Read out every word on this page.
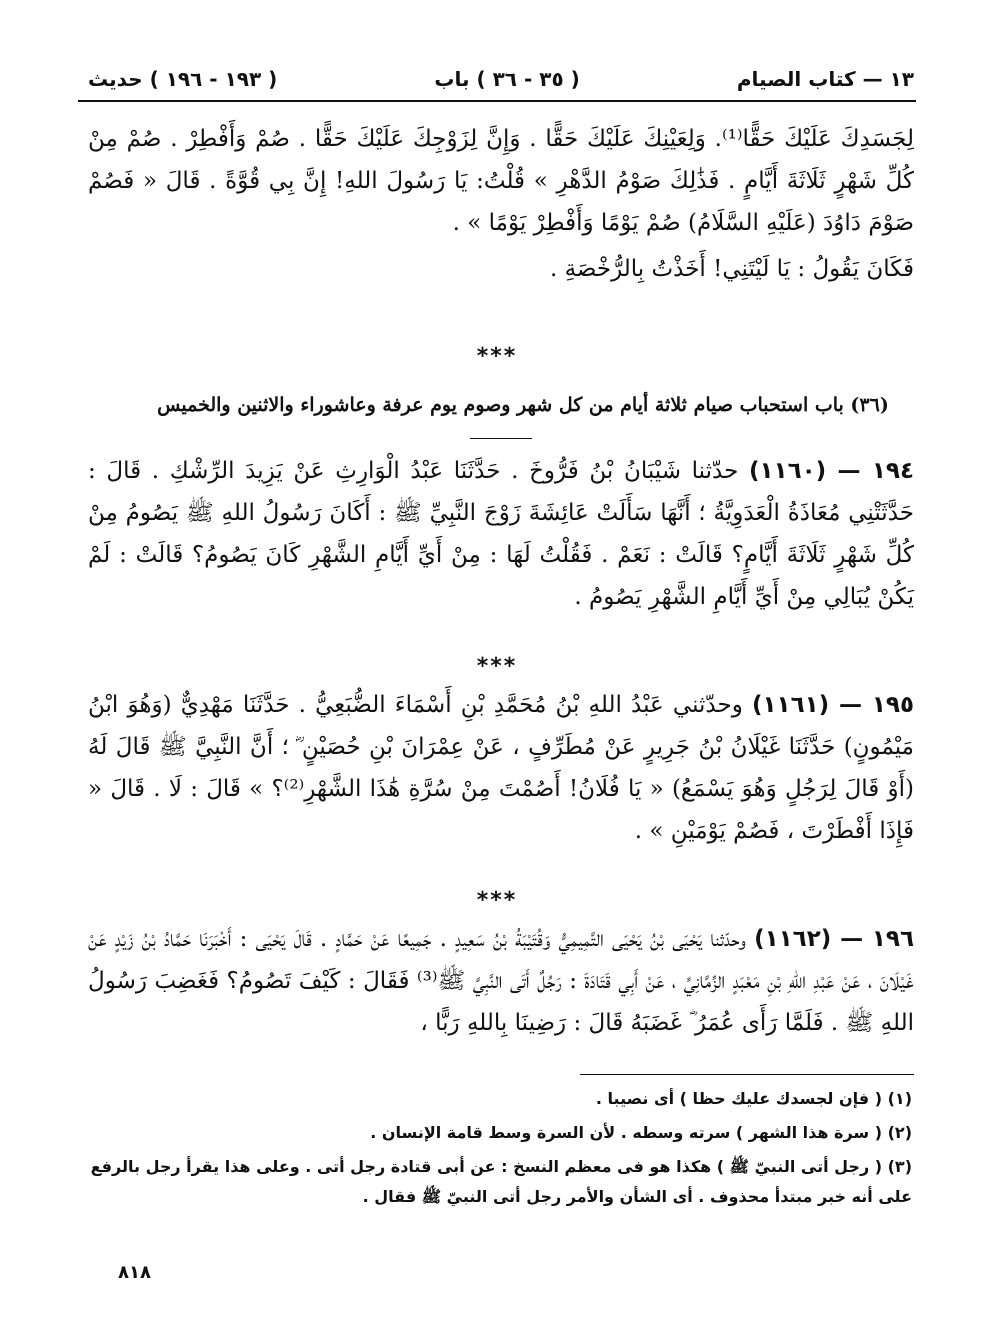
١٣ — كتاب الصيام
( ٣٥ - ٣٦ ) باب
( ١٩٣ - ١٩٦ ) حديث

لِجَسَدِكَ عَلَيْكَ حَقًّا⁽¹⁾. وَلِعَيْنِكَ عَلَيْكَ حَقًّا . وَإِنَّ لِزَوْجِكَ عَلَيْكَ حَقًّا . صُمْ وَأَفْطِرْ . صُمْ مِنْ كُلِّ شَهْرٍ ثَلَاثَةَ أَيَّامٍ . فَذَٰلِكَ صَوْمُ الدَّهْرِ » قُلْتُ: يَا رَسُولَ اللهِ! إِنَّ بِي قُوَّةً . قَالَ « فَصُمْ صَوْمَ دَاوُدَ (عَلَيْهِ السَّلَامُ) صُمْ يَوْمًا وَأَفْطِرْ يَوْمًا » .

فَكَانَ يَقُولُ : يَا لَيْتَنِي! أَخَذْتُ بِالرُّخْصَةِ .

***
(٣٦) باب استحباب صيام ثلاثة أيام من كل شهر وصوم يوم عرفة وعاشوراء والاثنين والخميس

١٩٤ — (١١٦٠) حدّثنا شَيْبَانُ بْنُ فَرُّوخَ . حَدَّثَنَا عَبْدُ الْوَارِثِ عَنْ يَزِيدَ الرِّشْكِ . قَالَ : حَدَّثَتْنِي مُعَاذَةُ الْعَدَوِيَّةُ ؛ أَنَّهَا سَأَلَتْ عَائِشَةَ زَوْجَ النَّبِيِّ ﷺ : أَكَانَ رَسُولُ اللهِ ﷺ يَصُومُ مِنْ كُلِّ شَهْرٍ ثَلَاثَةَ أَيَّامٍ؟ قَالَتْ : نَعَمْ . فَقُلْتُ لَهَا : مِنْ أَيِّ أَيَّامِ الشَّهْرِ كَانَ يَصُومُ؟ قَالَتْ : لَمْ يَكُنْ يُبَالِي مِنْ أَيِّ أَيَّامِ الشَّهْرِ يَصُومُ .

***

١٩٥ — (١١٦١) وحدّثني عَبْدُ اللهِ بْنُ مُحَمَّدِ بْنِ أَسْمَاءَ الضُّبَعِيُّ . حَدَّثَنَا مَهْدِيٌّ (وَهُوَ ابْنُ مَيْمُونٍ) حَدَّثَنَا غَيْلَانُ بْنُ جَرِيرٍ عَنْ مُطَرِّفٍ ، عَنْ عِمْرَانَ بْنِ حُصَيْنٍ ؓ ؛ أَنَّ النَّبِيَّ ﷺ قَالَ لَهُ (أَوْ قَالَ لِرَجُلٍ وَهُوَ يَسْمَعُ) « يَا فُلَانُ! أَصُمْتَ مِنْ سُرَّةِ هَٰذَا الشَّهْرِ⁽²⁾؟ » قَالَ : لَا . قَالَ « فَإِذَا أَفْطَرْتَ ، فَصُمْ يَوْمَيْنِ » .

***

١٩٦ — (١١٦٢) وحدّثنا يَحْيَى بْنُ يَحْيَى التَّمِيمِيُّ وَقُتَيْبَةُ بْنُ سَعِيدٍ . جَمِيعًا عَنْ حَمَّادٍ . قَالَ يَحْيَى : أَخْبَرَنَا حَمَّادُ بْنُ زَيْدٍ عَنْ غَيْلَانَ ، عَنْ عَبْدِ اللهِ بْنِ مَعْبَدٍ الزِّمَّانِيِّ ، عَنْ أَبِي قَتَادَةَ : رَجُلٌ أَتَى النَّبِيَّ ﷺ⁽³⁾ فَقَالَ : كَيْفَ تَصُومُ؟ فَغَضِبَ رَسُولُ اللهِ ﷺ . فَلَمَّا رَأَى عُمَرُ ؓ غَضَبَهُ قَالَ : رَضِينَا بِاللهِ رَبًّا ،

(١) ( فإن لجسدك عليك حظا ) أى نصيبا .

(٢) ( سرة هذا الشهر ) سرته وسطه . لأن السرة وسط قامة الإنسان .

(٣) ( رجل أتى النبيّ ﷺ ) هكذا هو فى معظم النسخ : عن أبى قتادة رجل أتى . وعلى هذا يقرأ رجل بالرفع على أنه خبر مبتدأ محذوف . أى الشأن والأمر رجل أتى النبيّ ﷺ فقال .

٨١٨
